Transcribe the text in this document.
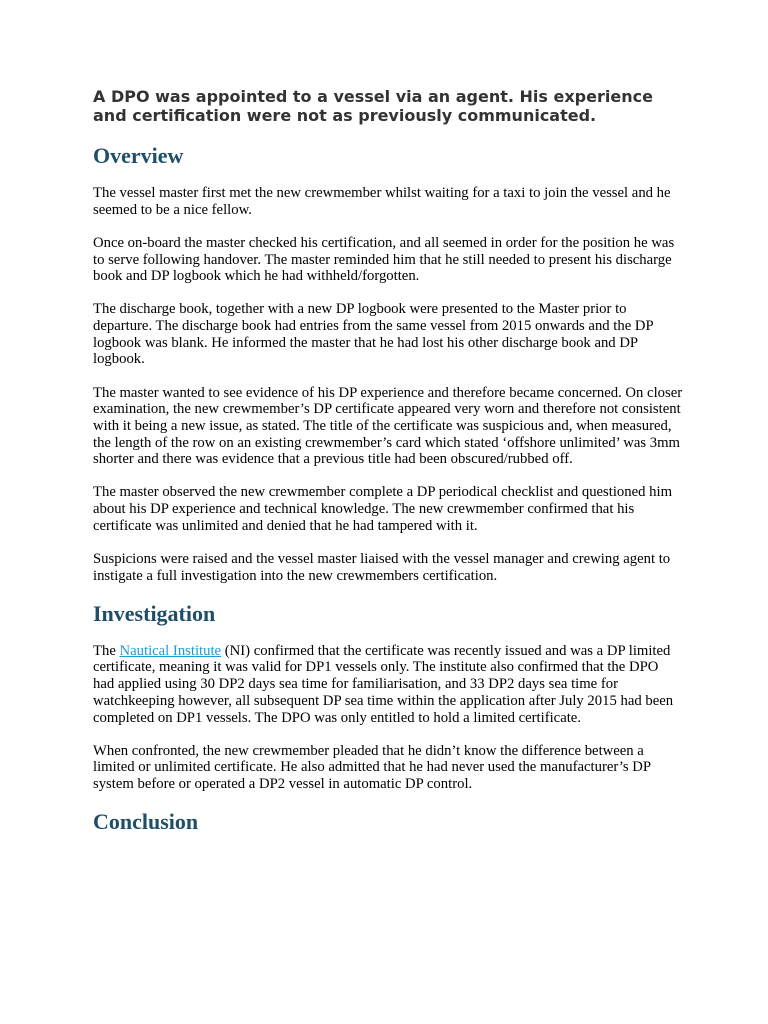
A DPO was appointed to a vessel via an agent. His experience and certification were not as previously communicated.
Overview

The vessel master first met the new crewmember whilst waiting for a taxi to join the vessel and he seemed to be a nice fellow.

Once on-board the master checked his certification, and all seemed in order for the position he was to serve following handover. The master reminded him that he still needed to present his discharge book and DP logbook which he had withheld/forgotten.

The discharge book, together with a new DP logbook were presented to the Master prior to departure. The discharge book had entries from the same vessel from 2015 onwards and the DP logbook was blank. He informed the master that he had lost his other discharge book and DP logbook.

The master wanted to see evidence of his DP experience and therefore became concerned. On closer examination, the new crewmember’s DP certificate appeared very worn and therefore not consistent with it being a new issue, as stated. The title of the certificate was suspicious and, when measured, the length of the row on an existing crewmember’s card which stated ‘offshore unlimited’ was 3mm shorter and there was evidence that a previous title had been obscured/rubbed off.

The master observed the new crewmember complete a DP periodical checklist and questioned him about his DP experience and technical knowledge. The new crewmember confirmed that his certificate was unlimited and denied that he had tampered with it.

Suspicions were raised and the vessel master liaised with the vessel manager and crewing agent to instigate a full investigation into the new crewmembers certification.

Investigation

The Nautical Institute (NI) confirmed that the certificate was recently issued and was a DP limited certificate, meaning it was valid for DP1 vessels only. The institute also confirmed that the DPO had applied using 30 DP2 days sea time for familiarisation, and 33 DP2 days sea time for watchkeeping however, all subsequent DP sea time within the application after July 2015 had been completed on DP1 vessels. The DPO was only entitled to hold a limited certificate.

When confronted, the new crewmember pleaded that he didn’t know the difference between a limited or unlimited certificate. He also admitted that he had never used the manufacturer’s DP system before or operated a DP2 vessel in automatic DP control.

Conclusion
